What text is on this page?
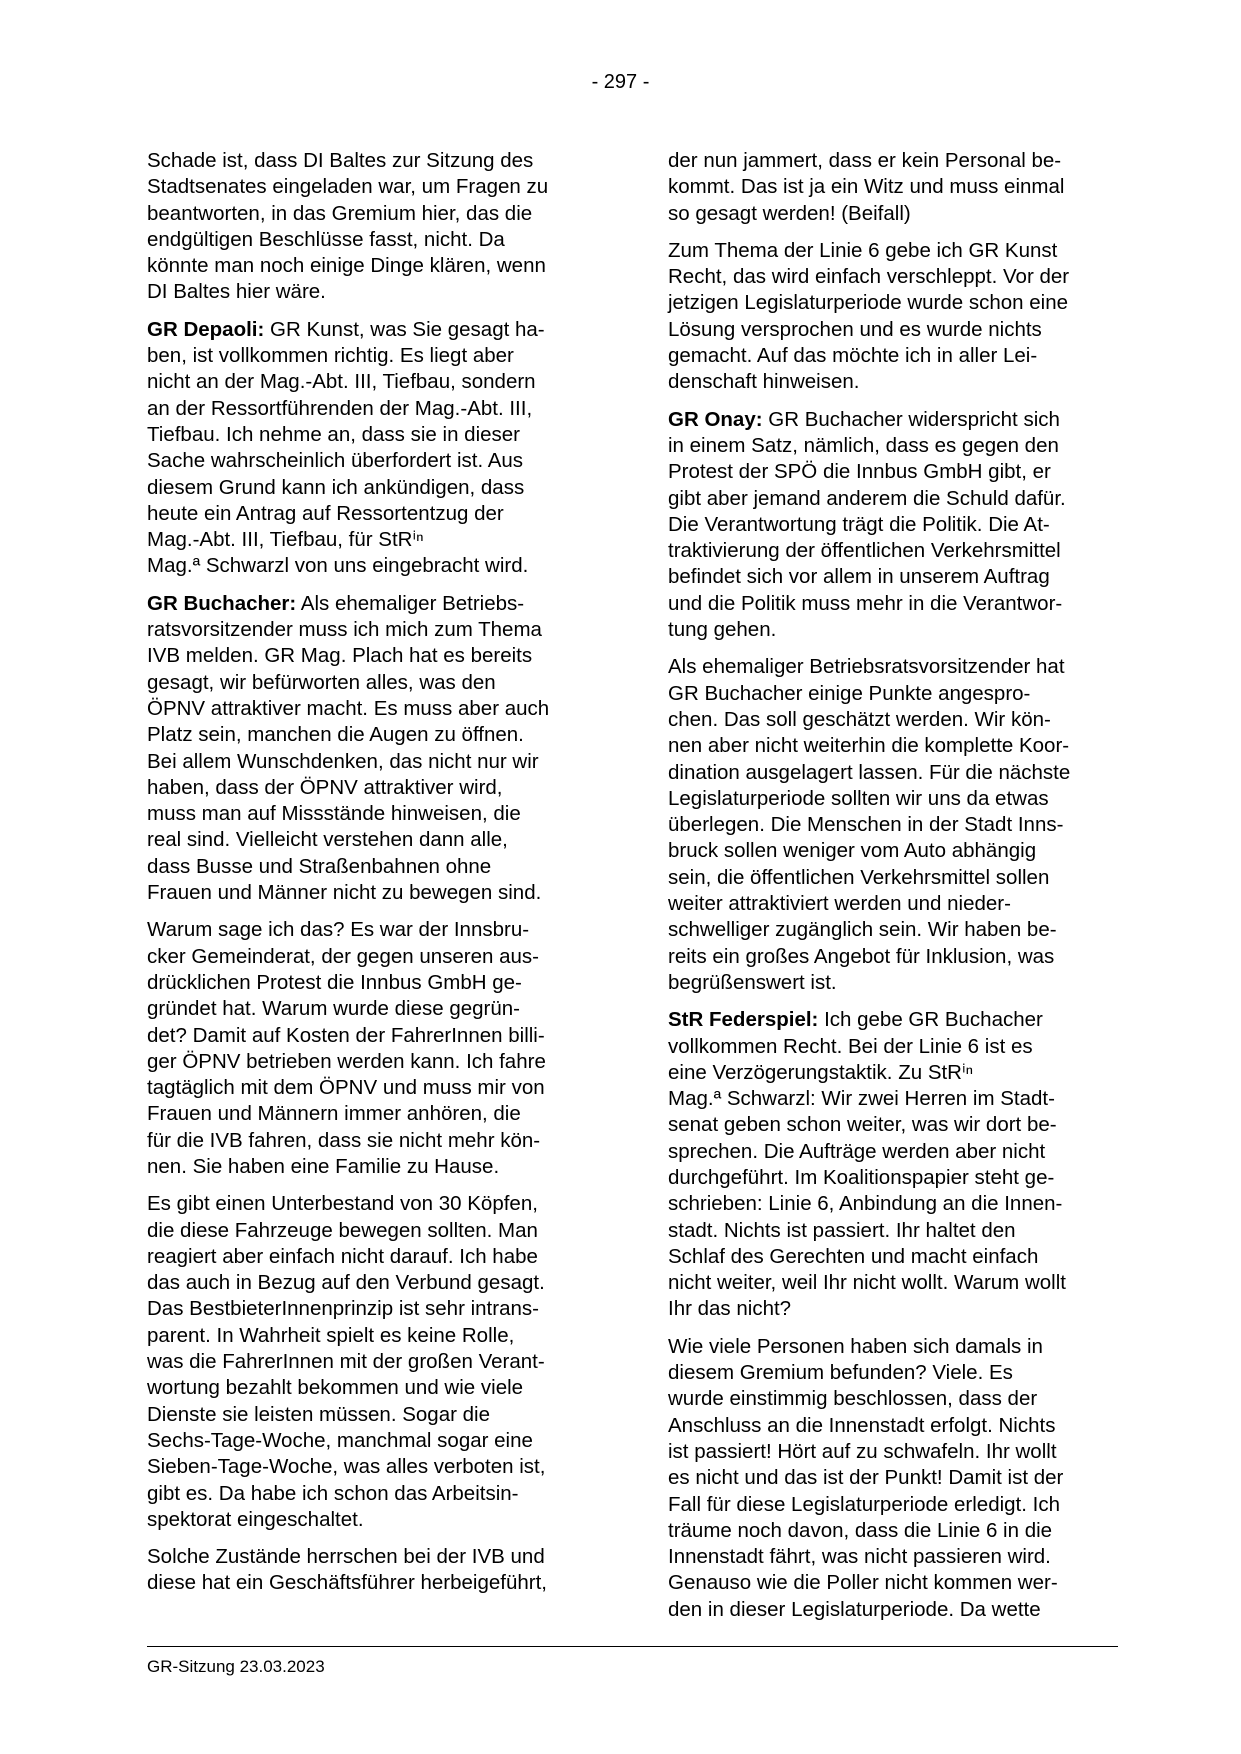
- 297 -

Schade ist, dass DI Baltes zur Sitzung des
Stadtsenates eingeladen war, um Fragen zu
beantworten, in das Gremium hier, das die
endgültigen Beschlüsse fasst, nicht. Da
könnte man noch einige Dinge klären, wenn
DI Baltes hier wäre.

GR Depaoli: GR Kunst, was Sie gesagt ha-
ben, ist vollkommen richtig. Es liegt aber
nicht an der Mag.-Abt. III, Tiefbau, sondern
an der Ressortführenden der Mag.-Abt. III,
Tiefbau. Ich nehme an, dass sie in dieser
Sache wahrscheinlich überfordert ist. Aus
diesem Grund kann ich ankündigen, dass
heute ein Antrag auf Ressortentzug der
Mag.-Abt. III, Tiefbau, für StRⁱⁿ
Mag.ª Schwarzl von uns eingebracht wird.

GR Buchacher: Als ehemaliger Betriebs-
ratsvorsitzender muss ich mich zum Thema
IVB melden. GR Mag. Plach hat es bereits
gesagt, wir befürworten alles, was den
ÖPNV attraktiver macht. Es muss aber auch
Platz sein, manchen die Augen zu öffnen.
Bei allem Wunschdenken, das nicht nur wir
haben, dass der ÖPNV attraktiver wird,
muss man auf Missstände hinweisen, die
real sind. Vielleicht verstehen dann alle,
dass Busse und Straßenbahnen ohne
Frauen und Männer nicht zu bewegen sind.

Warum sage ich das? Es war der Innsbru-
cker Gemeinderat, der gegen unseren aus-
drücklichen Protest die Innbus GmbH ge-
gründet hat. Warum wurde diese gegrün-
det? Damit auf Kosten der FahrerInnen billi-
ger ÖPNV betrieben werden kann. Ich fahre
tagtäglich mit dem ÖPNV und muss mir von
Frauen und Männern immer anhören, die
für die IVB fahren, dass sie nicht mehr kön-
nen. Sie haben eine Familie zu Hause.

Es gibt einen Unterbestand von 30 Köpfen,
die diese Fahrzeuge bewegen sollten. Man
reagiert aber einfach nicht darauf. Ich habe
das auch in Bezug auf den Verbund gesagt.
Das BestbieterInnenprinzip ist sehr intrans-
parent. In Wahrheit spielt es keine Rolle,
was die FahrerInnen mit der großen Verant-
wortung bezahlt bekommen und wie viele
Dienste sie leisten müssen. Sogar die
Sechs-Tage-Woche, manchmal sogar eine
Sieben-Tage-Woche, was alles verboten ist,
gibt es. Da habe ich schon das Arbeitsin-
spektorat eingeschaltet.

Solche Zustände herrschen bei der IVB und
diese hat ein Geschäftsführer herbeigeführt,

der nun jammert, dass er kein Personal be-
kommt. Das ist ja ein Witz und muss einmal
so gesagt werden! (Beifall)

Zum Thema der Linie 6 gebe ich GR Kunst
Recht, das wird einfach verschleppt. Vor der
jetzigen Legislaturperiode wurde schon eine
Lösung versprochen und es wurde nichts
gemacht. Auf das möchte ich in aller Lei-
denschaft hinweisen.

GR Onay: GR Buchacher widerspricht sich
in einem Satz, nämlich, dass es gegen den
Protest der SPÖ die Innbus GmbH gibt, er
gibt aber jemand anderem die Schuld dafür.
Die Verantwortung trägt die Politik. Die At-
traktivierung der öffentlichen Verkehrsmittel
befindet sich vor allem in unserem Auftrag
und die Politik muss mehr in die Verantwor-
tung gehen.

Als ehemaliger Betriebsratsvorsitzender hat
GR Buchacher einige Punkte angespro-
chen. Das soll geschätzt werden. Wir kön-
nen aber nicht weiterhin die komplette Koor-
dination ausgelagert lassen. Für die nächste
Legislaturperiode sollten wir uns da etwas
überlegen. Die Menschen in der Stadt Inns-
bruck sollen weniger vom Auto abhängig
sein, die öffentlichen Verkehrsmittel sollen
weiter attraktiviert werden und nieder-
schwelliger zugänglich sein. Wir haben be-
reits ein großes Angebot für Inklusion, was
begrüßenswert ist.

StR Federspiel: Ich gebe GR Buchacher
vollkommen Recht. Bei der Linie 6 ist es
eine Verzögerungstaktik. Zu StRⁱⁿ
Mag.ª Schwarzl: Wir zwei Herren im Stadt-
senat geben schon weiter, was wir dort be-
sprechen. Die Aufträge werden aber nicht
durchgeführt. Im Koalitionspapier steht ge-
schrieben: Linie 6, Anbindung an die Innen-
stadt. Nichts ist passiert. Ihr haltet den
Schlaf des Gerechten und macht einfach
nicht weiter, weil Ihr nicht wollt. Warum wollt
Ihr das nicht?

Wie viele Personen haben sich damals in
diesem Gremium befunden? Viele. Es
wurde einstimmig beschlossen, dass der
Anschluss an die Innenstadt erfolgt. Nichts
ist passiert! Hört auf zu schwafeln. Ihr wollt
es nicht und das ist der Punkt! Damit ist der
Fall für diese Legislaturperiode erledigt. Ich
träume noch davon, dass die Linie 6 in die
Innenstadt fährt, was nicht passieren wird.
Genauso wie die Poller nicht kommen wer-
den in dieser Legislaturperiode. Da wette

GR-Sitzung 23.03.2023
